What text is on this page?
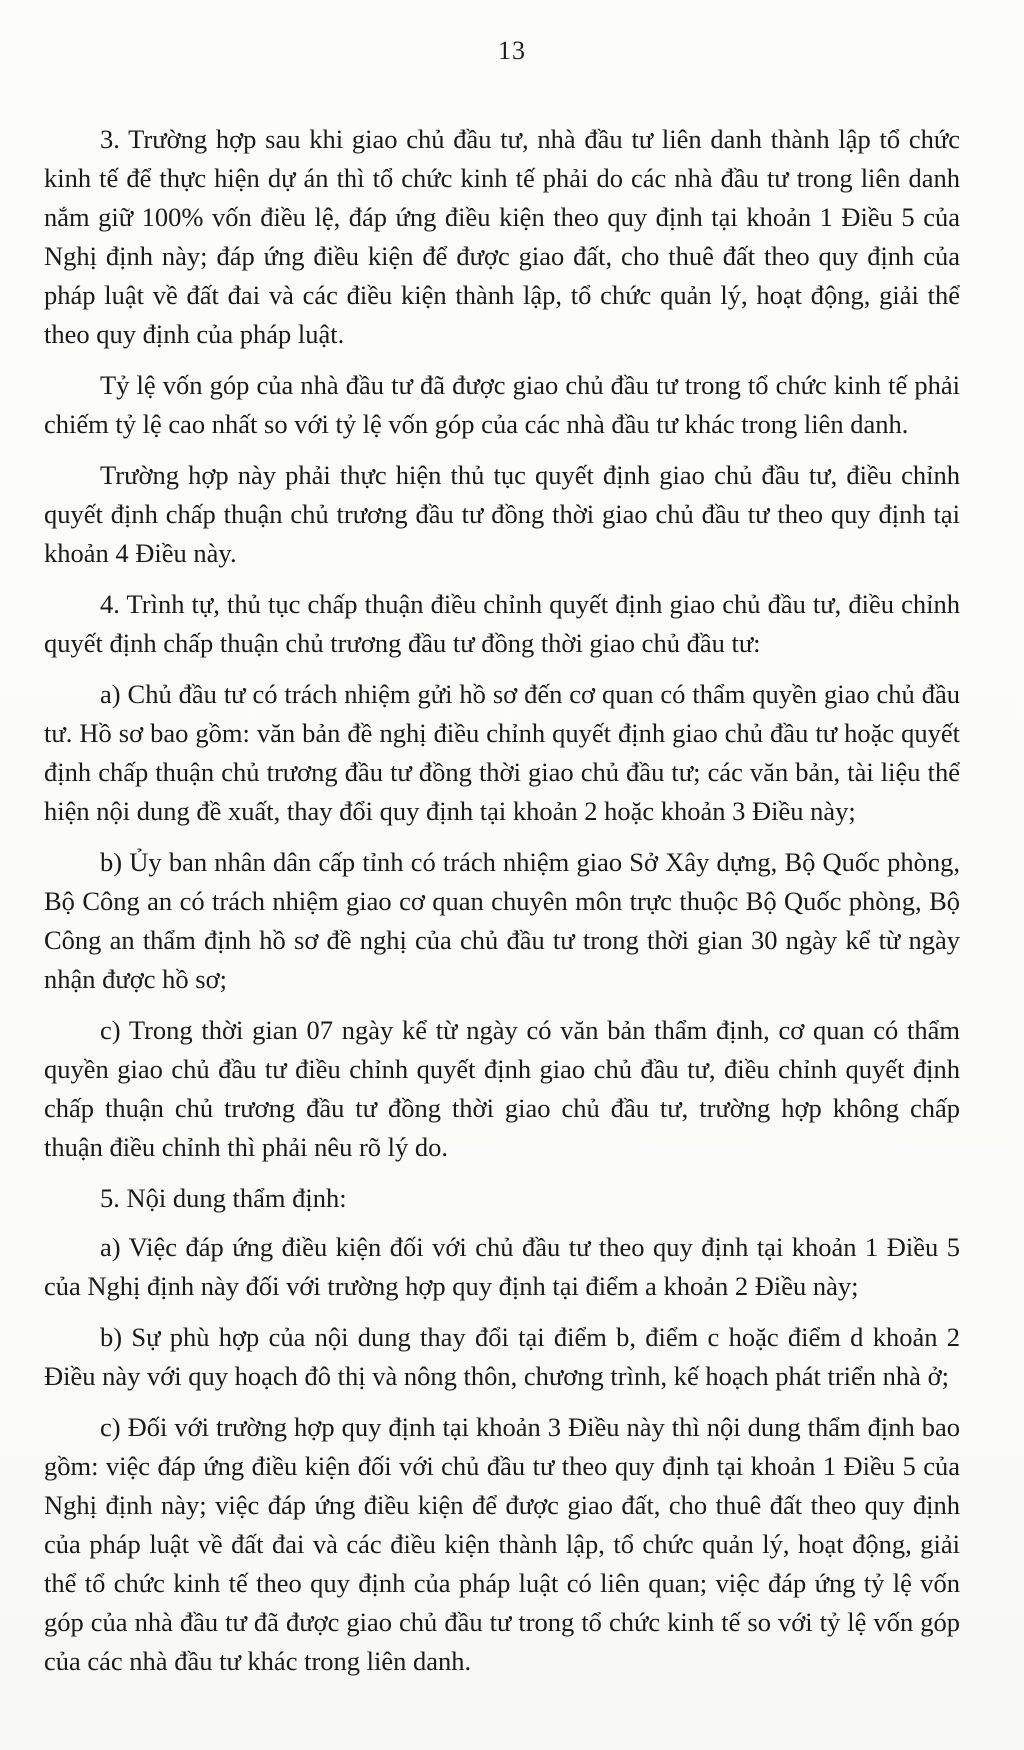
13

3. Trường hợp sau khi giao chủ đầu tư, nhà đầu tư liên danh thành lập tổ chức kinh tế để thực hiện dự án thì tổ chức kinh tế phải do các nhà đầu tư trong liên danh nắm giữ 100% vốn điều lệ, đáp ứng điều kiện theo quy định tại khoản 1 Điều 5 của Nghị định này; đáp ứng điều kiện để được giao đất, cho thuê đất theo quy định của pháp luật về đất đai và các điều kiện thành lập, tổ chức quản lý, hoạt động, giải thể theo quy định của pháp luật.

Tỷ lệ vốn góp của nhà đầu tư đã được giao chủ đầu tư trong tổ chức kinh tế phải chiếm tỷ lệ cao nhất so với tỷ lệ vốn góp của các nhà đầu tư khác trong liên danh.

Trường hợp này phải thực hiện thủ tục quyết định giao chủ đầu tư, điều chỉnh quyết định chấp thuận chủ trương đầu tư đồng thời giao chủ đầu tư theo quy định tại khoản 4 Điều này.

4. Trình tự, thủ tục chấp thuận điều chỉnh quyết định giao chủ đầu tư, điều chỉnh quyết định chấp thuận chủ trương đầu tư đồng thời giao chủ đầu tư:

a) Chủ đầu tư có trách nhiệm gửi hồ sơ đến cơ quan có thẩm quyền giao chủ đầu tư. Hồ sơ bao gồm: văn bản đề nghị điều chỉnh quyết định giao chủ đầu tư hoặc quyết định chấp thuận chủ trương đầu tư đồng thời giao chủ đầu tư; các văn bản, tài liệu thể hiện nội dung đề xuất, thay đổi quy định tại khoản 2 hoặc khoản 3 Điều này;

b) Ủy ban nhân dân cấp tỉnh có trách nhiệm giao Sở Xây dựng, Bộ Quốc phòng, Bộ Công an có trách nhiệm giao cơ quan chuyên môn trực thuộc Bộ Quốc phòng, Bộ Công an thẩm định hồ sơ đề nghị của chủ đầu tư trong thời gian 30 ngày kể từ ngày nhận được hồ sơ;

c) Trong thời gian 07 ngày kể từ ngày có văn bản thẩm định, cơ quan có thẩm quyền giao chủ đầu tư điều chỉnh quyết định giao chủ đầu tư, điều chỉnh quyết định chấp thuận chủ trương đầu tư đồng thời giao chủ đầu tư, trường hợp không chấp thuận điều chỉnh thì phải nêu rõ lý do.

5. Nội dung thẩm định:

a) Việc đáp ứng điều kiện đối với chủ đầu tư theo quy định tại khoản 1 Điều 5 của Nghị định này đối với trường hợp quy định tại điểm a khoản 2 Điều này;

b) Sự phù hợp của nội dung thay đổi tại điểm b, điểm c hoặc điểm d khoản 2 Điều này với quy hoạch đô thị và nông thôn, chương trình, kế hoạch phát triển nhà ở;

c) Đối với trường hợp quy định tại khoản 3 Điều này thì nội dung thẩm định bao gồm: việc đáp ứng điều kiện đối với chủ đầu tư theo quy định tại khoản 1 Điều 5 của Nghị định này; việc đáp ứng điều kiện để được giao đất, cho thuê đất theo quy định của pháp luật về đất đai và các điều kiện thành lập, tổ chức quản lý, hoạt động, giải thể tổ chức kinh tế theo quy định của pháp luật có liên quan; việc đáp ứng tỷ lệ vốn góp của nhà đầu tư đã được giao chủ đầu tư trong tổ chức kinh tế so với tỷ lệ vốn góp của các nhà đầu tư khác trong liên danh.
